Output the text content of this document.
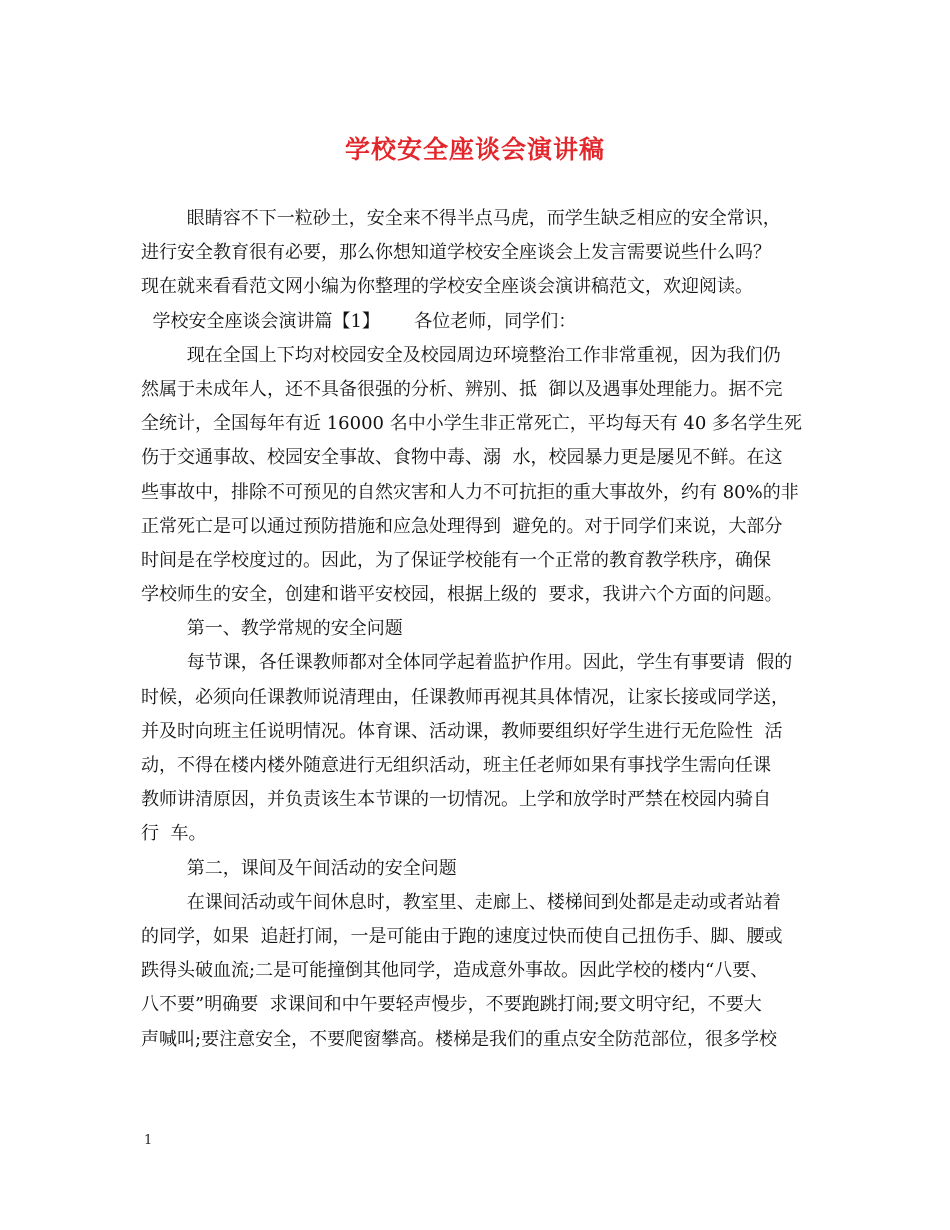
学校安全座谈会演讲稿
眼睛容不下一粒砂土，安全来不得半点马虎，而学生缺乏相应的安全常识，
进行安全教育很有必要，那么你想知道学校安全座谈会上发言需要说些什么吗？
现在就来看看范文网小编为你整理的学校安全座谈会演讲稿范文，欢迎阅读。
学校安全座谈会演讲篇【1】      各位老师，同学们：
现在全国上下均对校园安全及校园周边环境整治工作非常重视，因为我们仍
然属于未成年人，还不具备很强的分析、辨别、抵  御以及遇事处理能力。据不完
全统计，全国每年有近 16000 名中小学生非正常死亡，平均每天有 40 多名学生死
伤于交通事故、校园安全事故、食物中毒、溺  水，校园暴力更是屡见不鲜。在这
些事故中，排除不可预见的自然灾害和人力不可抗拒的重大事故外，约有 80%的非
正常死亡是可以通过预防措施和应急处理得到  避免的。对于同学们来说，大部分
时间是在学校度过的。因此，为了保证学校能有一个正常的教育教学秩序，确保
学校师生的安全，创建和谐平安校园，根据上级的  要求，我讲六个方面的问题。
第一、教学常规的安全问题
每节课，各任课教师都对全体同学起着监护作用。因此，学生有事要请  假的
时候，必须向任课教师说清理由，任课教师再视其具体情况，让家长接或同学送，
并及时向班主任说明情况。体育课、活动课，教师要组织好学生进行无危险性  活
动，不得在楼内楼外随意进行无组织活动，班主任老师如果有事找学生需向任课
教师讲清原因，并负责该生本节课的一切情况。上学和放学时严禁在校园内骑自
行  车。
第二，课间及午间活动的安全问题
在课间活动或午间休息时，教室里、走廊上、楼梯间到处都是走动或者站着
的同学，如果  追赶打闹，一是可能由于跑的速度过快而使自己扭伤手、脚、腰或
跌得头破血流;二是可能撞倒其他同学，造成意外事故。因此学校的楼内“八要、
八不要”明确要  求课间和中午要轻声慢步，不要跑跳打闹;要文明守纪，不要大
声喊叫;要注意安全，不要爬窗攀高。楼梯是我们的重点安全防范部位，很多学校
1
